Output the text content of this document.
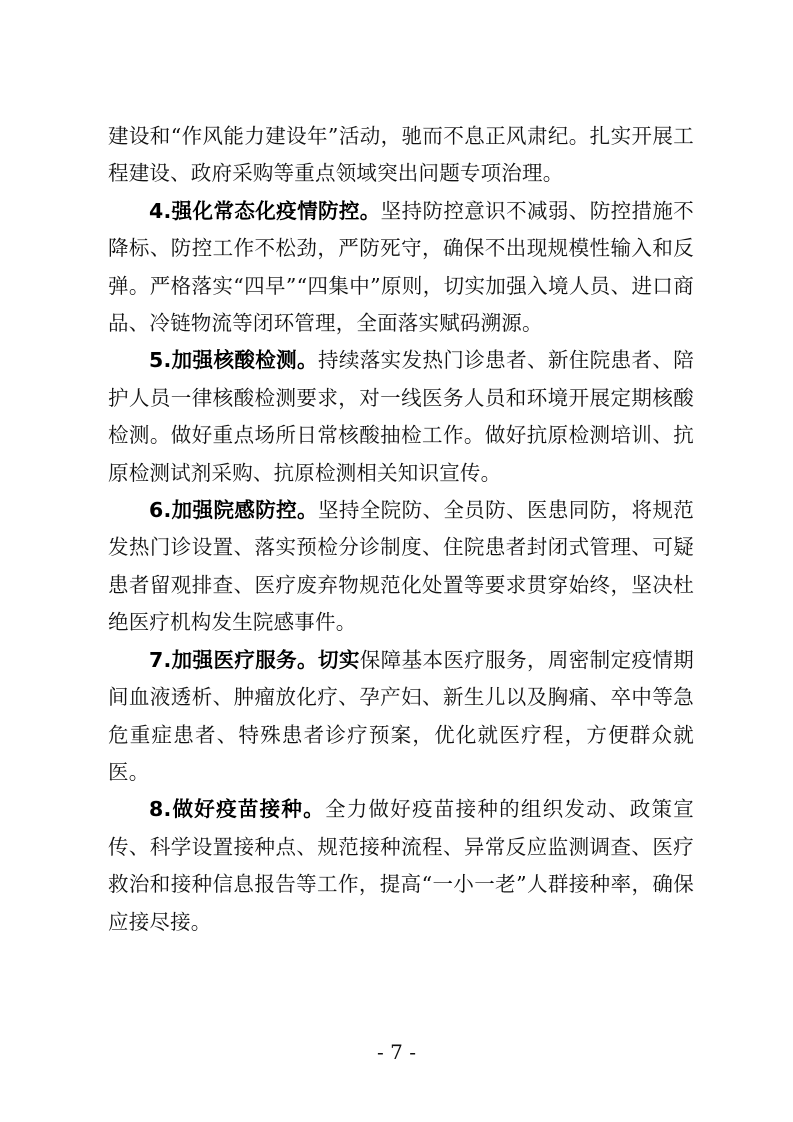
建设和“作风能力建设年”活动，驰而不息正风肃纪。扎实开展工程建设、政府采购等重点领域突出问题专项治理。

4.强化常态化疫情防控。坚持防控意识不减弱、防控措施不降标、防控工作不松劲，严防死守，确保不出现规模性输入和反弹。严格落实“四早”“四集中”原则，切实加强入境人员、进口商品、冷链物流等闭环管理，全面落实赋码溯源。

5.加强核酸检测。持续落实发热门诊患者、新住院患者、陪护人员一律核酸检测要求，对一线医务人员和环境开展定期核酸检测。做好重点场所日常核酸抽检工作。做好抗原检测培训、抗原检测试剂采购、抗原检测相关知识宣传。

6.加强院感防控。坚持全院防、全员防、医患同防，将规范发热门诊设置、落实预检分诊制度、住院患者封闭式管理、可疑患者留观排查、医疗废弃物规范化处置等要求贯穿始终，坚决杜绝医疗机构发生院感事件。

7.加强医疗服务。切实保障基本医疗服务，周密制定疫情期间血液透析、肿瘤放化疗、孕产妇、新生儿以及胸痛、卒中等急危重症患者、特殊患者诊疗预案，优化就医疗程，方便群众就医。

8.做好疫苗接种。全力做好疫苗接种的组织发动、政策宣传、科学设置接种点、规范接种流程、异常反应监测调查、医疗救治和接种信息报告等工作，提高“一小一老”人群接种率，确保应接尽接。

- 7 -
